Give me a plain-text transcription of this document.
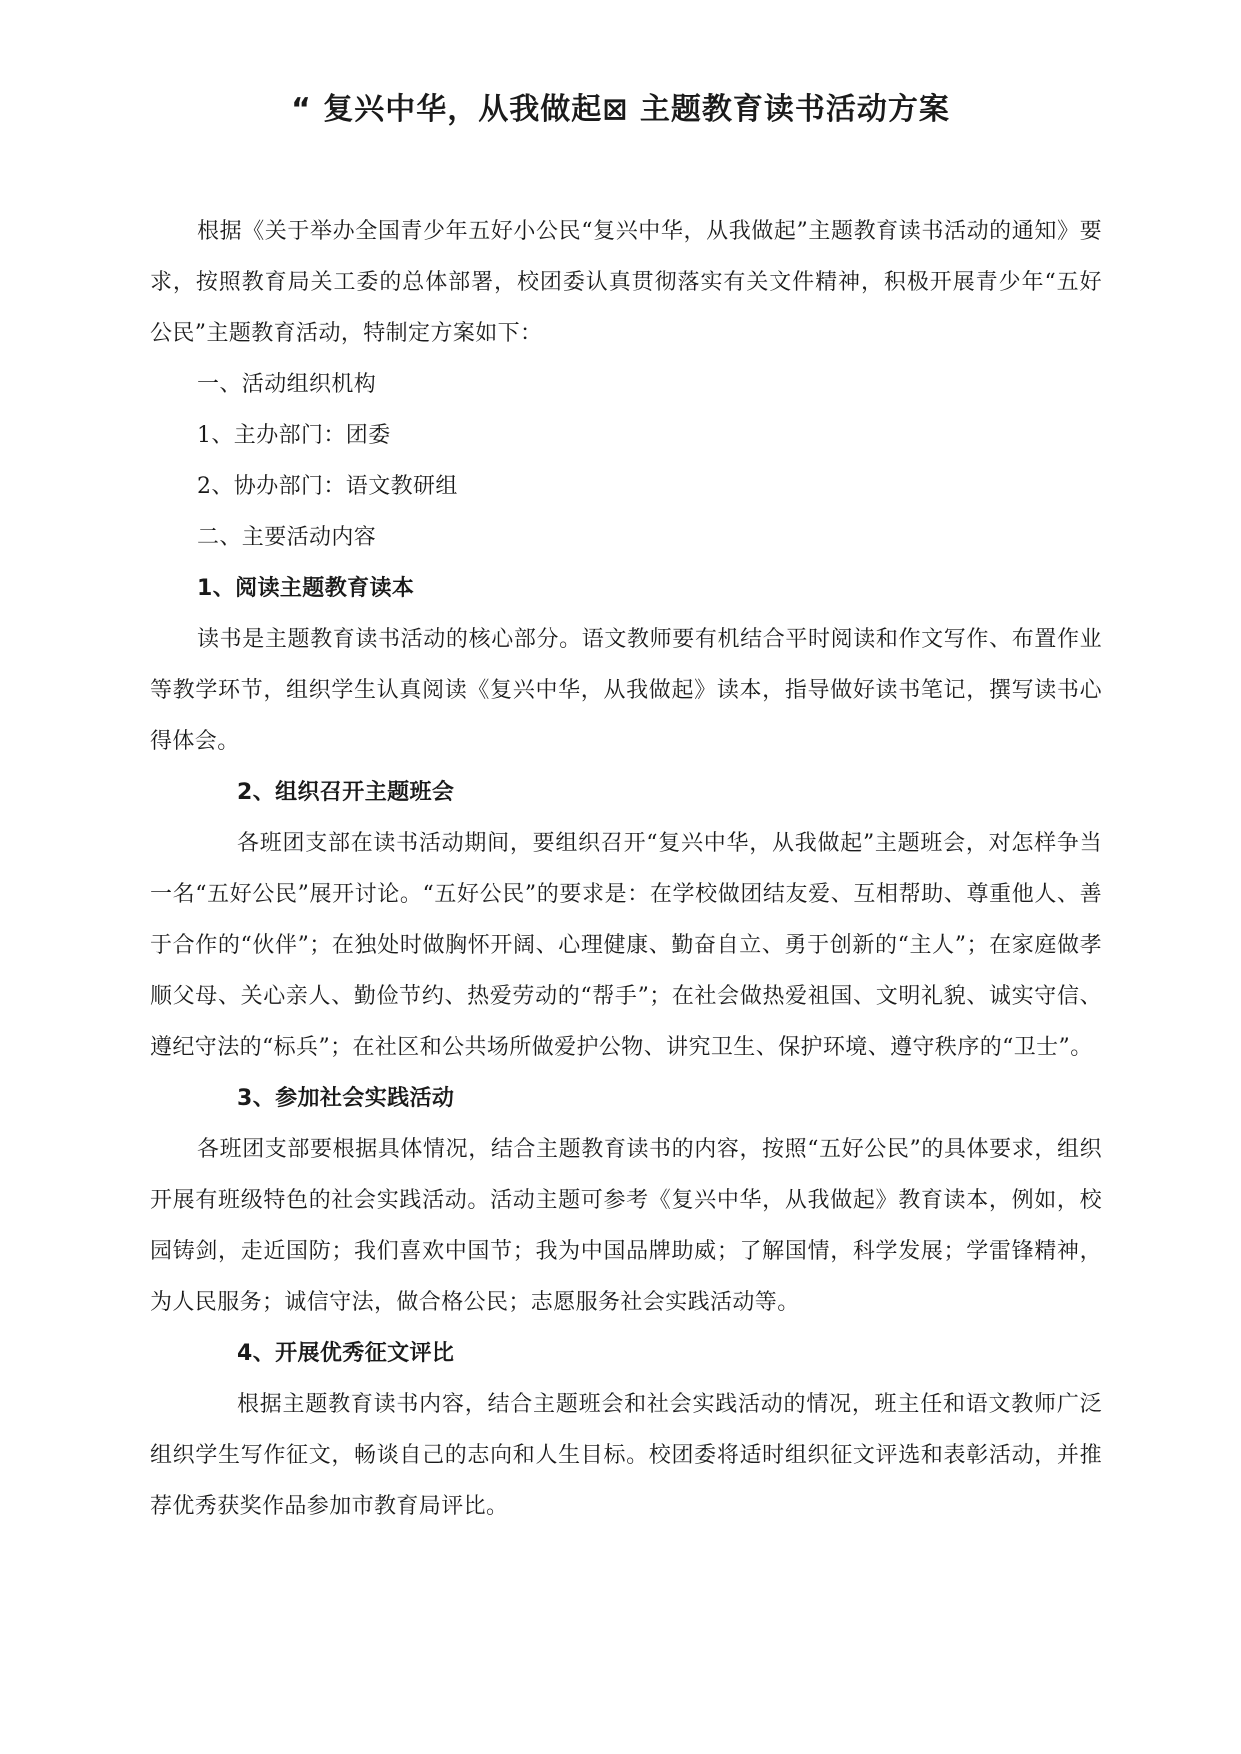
“ 复兴中华，从我做起⊠ 主题教育读书活动方案

根据《关于举办全国青少年五好小公民“复兴中华，从我做起”主题教育读书活动的通知》要求，按照教育局关工委的总体部署，校团委认真贯彻落实有关文件精神，积极开展青少年“五好公民”主题教育活动，特制定方案如下：

一、活动组织机构

1、主办部门：团委

2、协办部门：语文教研组

二、主要活动内容

1、阅读主题教育读本

读书是主题教育读书活动的核心部分。语文教师要有机结合平时阅读和作文写作、布置作业等教学环节，组织学生认真阅读《复兴中华，从我做起》读本，指导做好读书笔记，撰写读书心得体会。

2、组织召开主题班会

各班团支部在读书活动期间，要组织召开“复兴中华，从我做起”主题班会，对怎样争当一名“五好公民”展开讨论。“五好公民”的要求是：在学校做团结友爱、互相帮助、尊重他人、善于合作的“伙伴”；在独处时做胸怀开阔、心理健康、勤奋自立、勇于创新的“主人”；在家庭做孝顺父母、关心亲人、勤俭节约、热爱劳动的“帮手”；在社会做热爱祖国、文明礼貌、诚实守信、遵纪守法的“标兵”；在社区和公共场所做爱护公物、讲究卫生、保护环境、遵守秩序的“卫士”。

3、参加社会实践活动

各班团支部要根据具体情况，结合主题教育读书的内容，按照“五好公民”的具体要求，组织开展有班级特色的社会实践活动。活动主题可参考《复兴中华，从我做起》教育读本，例如，校园铸剑，走近国防；我们喜欢中国节；我为中国品牌助威；了解国情，科学发展；学雷锋精神，为人民服务；诚信守法，做合格公民；志愿服务社会实践活动等。

4、开展优秀征文评比

根据主题教育读书内容，结合主题班会和社会实践活动的情况，班主任和语文教师广泛组织学生写作征文，畅谈自己的志向和人生目标。校团委将适时组织征文评选和表彰活动，并推荐优秀获奖作品参加市教育局评比。
